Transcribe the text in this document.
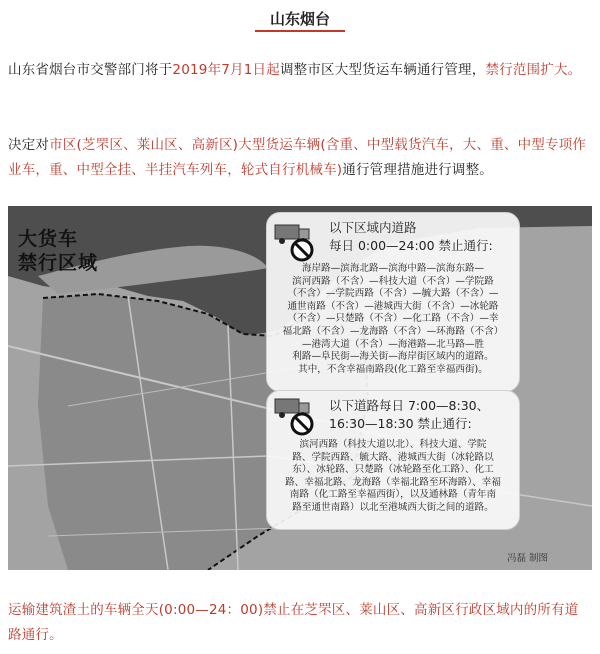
山东烟台
山东省烟台市交警部门将于2019年7月1日起调整市区大型货运车辆通行管理，禁行范围扩大。
决定对市区(芝罘区、莱山区、高新区)大型货运车辆(含重、中型载货汽车，大、重、中型专项作业车，重、中型全挂、半挂汽车列车，轮式自行机械车)通行管理措施进行调整。
大货车
禁行区域
以下区域内道路
每日 0:00—24:00 禁止通行:
海岸路—滨海北路—滨海中路—滨海东路—
滨河西路（不含）—科技大道（不含）—学院路
（不含）—学院西路（不含）—毓大路（不含）—
通世南路（不含）—港城西大街（不含）—冰轮路
（不含）—只楚路（不含）—化工路（不含）—幸
福北路（不含）—龙海路（不含）—环海路（不含）
—港湾大道（不含）—海港路—北马路—胜
利路—阜民街—海关街—海岸街区域内的道路。
其中，不含幸福南路段(化工路至幸福西街)。
以下道路每日 7:00—8:30、
16:30—18:30 禁止通行:
滨河西路（科技大道以北）、科技大道、学院
路、学院西路、毓大路、港城西大街（冰轮路以
东）、冰轮路、只楚路（冰轮路至化工路）、化工
路、幸福北路、龙海路（幸福北路至环海路）、幸福
南路（化工路至幸福西街），以及通林路（青年南
路至通世南路）以北至港城西大街之间的道路。
冯磊 制图
运输建筑渣土的车辆全天(0:00—24：00)禁止在芝罘区、莱山区、高新区行政区域内的所有道路通行。
